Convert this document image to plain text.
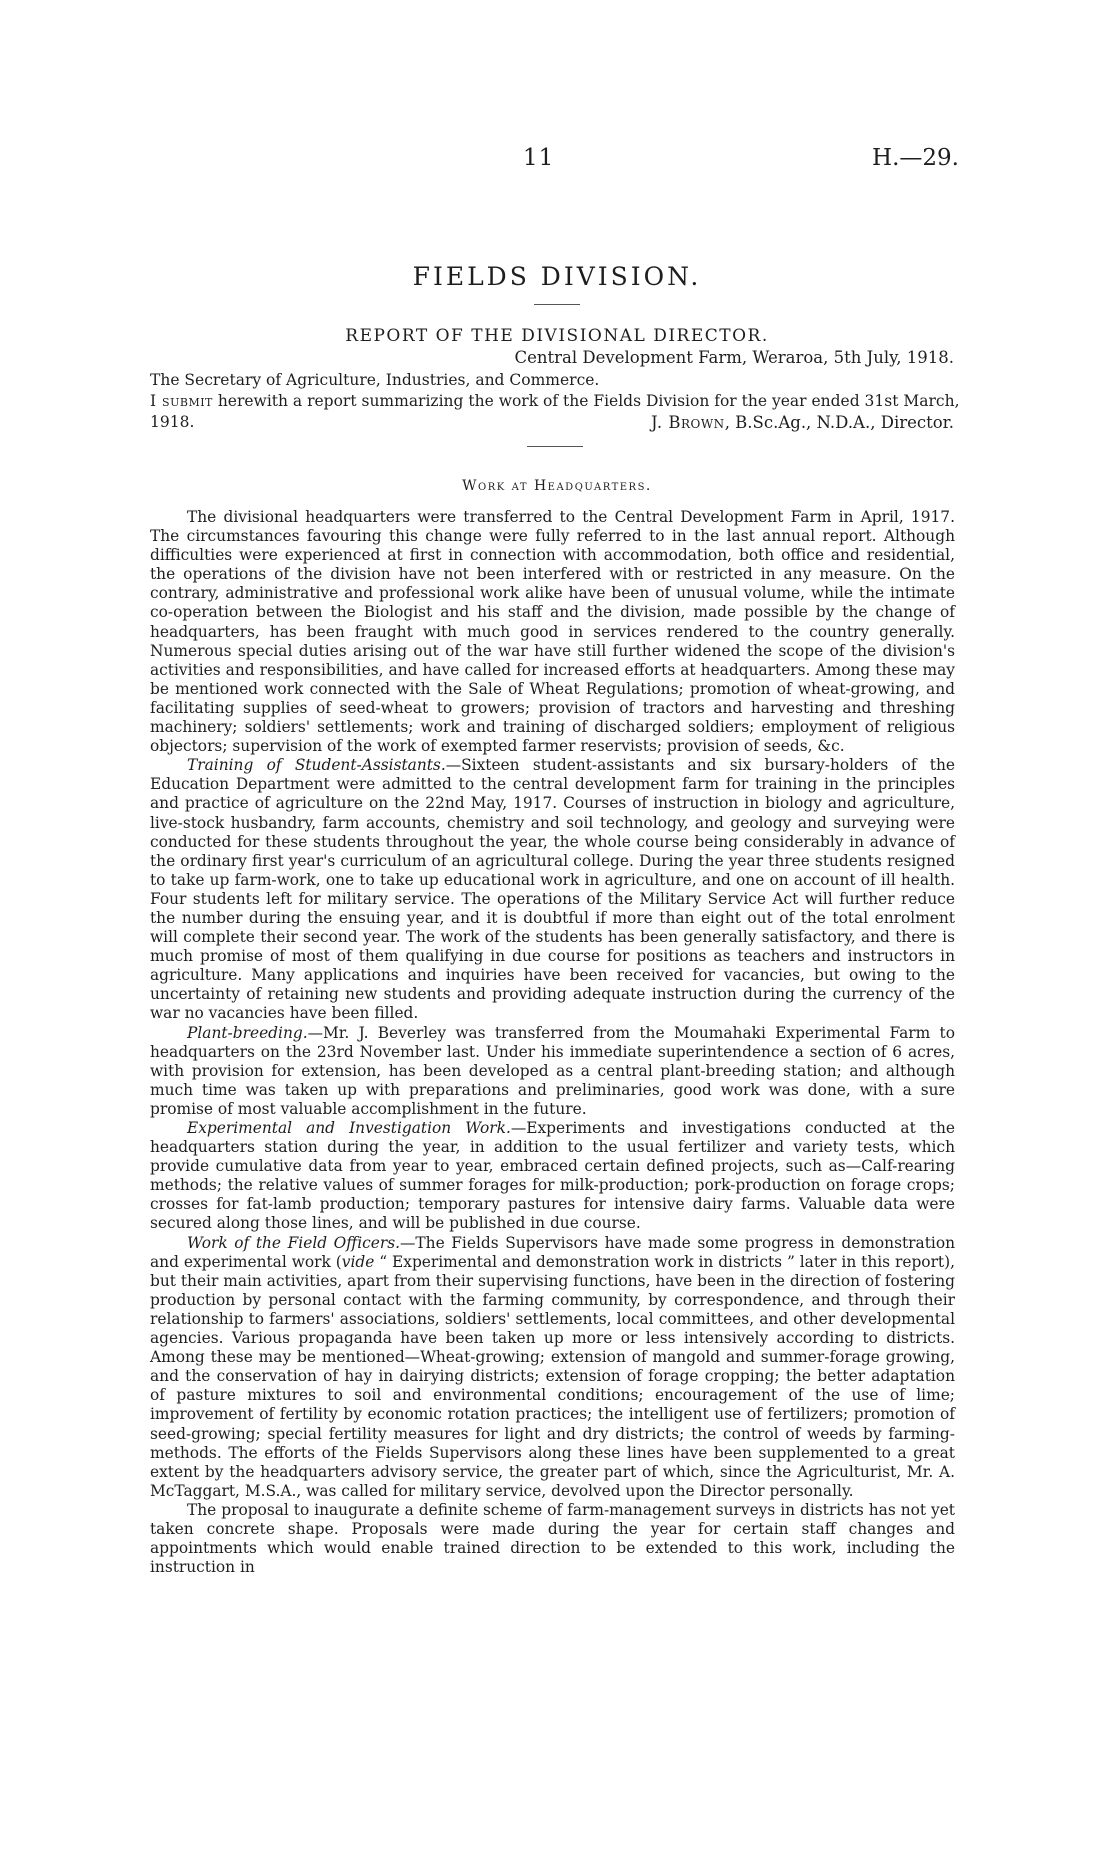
11	H.—29.
FIELDS DIVISION.
REPORT OF THE DIVISIONAL DIRECTOR.
Central Development Farm, Weraroa, 5th July, 1918.
The Secretary of Agriculture, Industries, and Commerce.
I submit herewith a report summarizing the work of the Fields Division for the year ended 31st March,
1918.	J. Brown, B.Sc.Ag., N.D.A., Director.
Work at Headquarters.

The divisional headquarters were transferred to the Central Development Farm in April, 1917. The circumstances favouring this change were fully referred to in the last annual report. Although difficulties were experienced at first in connection with accommodation, both office and residential, the operations of the division have not been interfered with or restricted in any measure. On the contrary, administrative and professional work alike have been of unusual volume, while the intimate co-operation between the Biologist and his staff and the division, made possible by the change of headquarters, has been fraught with much good in services rendered to the country generally. Numerous special duties arising out of the war have still further widened the scope of the division's activities and responsibilities, and have called for increased efforts at headquarters. Among these may be mentioned work connected with the Sale of Wheat Regulations; promotion of wheat-growing, and facilitating supplies of seed-wheat to growers; provision of tractors and harvesting and threshing machinery; soldiers' settlements; work and training of discharged soldiers; employment of religious objectors; supervision of the work of exempted farmer reservists; provision of seeds, &c.

Training of Student-Assistants.—Sixteen student-assistants and six bursary-holders of the Education Department were admitted to the central development farm for training in the principles and practice of agriculture on the 22nd May, 1917. Courses of instruction in biology and agriculture, live-stock husbandry, farm accounts, chemistry and soil technology, and geology and surveying were conducted for these students throughout the year, the whole course being considerably in advance of the ordinary first year's curriculum of an agricultural college. During the year three students resigned to take up farm-work, one to take up educational work in agriculture, and one on account of ill health. Four students left for military service. The operations of the Military Service Act will further reduce the number during the ensuing year, and it is doubtful if more than eight out of the total enrolment will complete their second year. The work of the students has been generally satisfactory, and there is much promise of most of them qualifying in due course for positions as teachers and instructors in agriculture. Many applications and inquiries have been received for vacancies, but owing to the uncertainty of retaining new students and providing adequate instruction during the currency of the war no vacancies have been filled.

Plant-breeding.—Mr. J. Beverley was transferred from the Moumahaki Experimental Farm to headquarters on the 23rd November last. Under his immediate superintendence a section of 6 acres, with provision for extension, has been developed as a central plant-breeding station; and although much time was taken up with preparations and preliminaries, good work was done, with a sure promise of most valuable accomplishment in the future.

Experimental and Investigation Work.—Experiments and investigations conducted at the headquarters station during the year, in addition to the usual fertilizer and variety tests, which provide cumulative data from year to year, embraced certain defined projects, such as—Calf-rearing methods; the relative values of summer forages for milk-production; pork-production on forage crops; crosses for fat-lamb production; temporary pastures for intensive dairy farms. Valuable data were secured along those lines, and will be published in due course.

Work of the Field Officers.—The Fields Supervisors have made some progress in demonstration and experimental work (vide “ Experimental and demonstration work in districts ” later in this report), but their main activities, apart from their supervising functions, have been in the direction of fostering production by personal contact with the farming community, by correspondence, and through their relationship to farmers' associations, soldiers' settlements, local committees, and other developmental agencies. Various propaganda have been taken up more or less intensively according to districts. Among these may be mentioned—Wheat-growing; extension of mangold and summer-forage growing, and the conservation of hay in dairying districts; extension of forage cropping; the better adaptation of pasture mixtures to soil and environmental conditions; encouragement of the use of lime; improvement of fertility by economic rotation practices; the intelligent use of fertilizers; promotion of seed-growing; special fertility measures for light and dry districts; the control of weeds by farming-methods. The efforts of the Fields Supervisors along these lines have been supplemented to a great extent by the headquarters advisory service, the greater part of which, since the Agriculturist, Mr. A. McTaggart, M.S.A., was called for military service, devolved upon the Director personally.

The proposal to inaugurate a definite scheme of farm-management surveys in districts has not yet taken concrete shape. Proposals were made during the year for certain staff changes and appointments which would enable trained direction to be extended to this work, including the instruction in
